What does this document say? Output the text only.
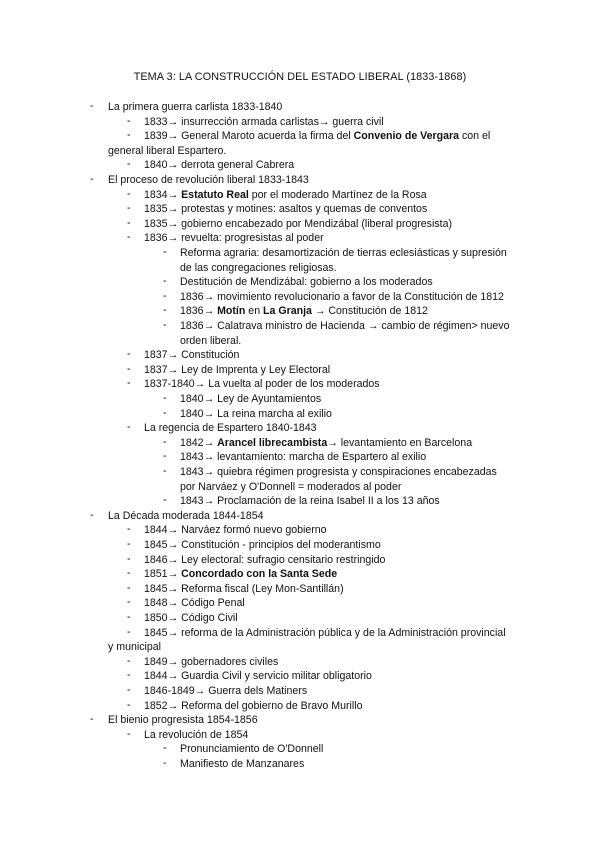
TEMA 3: LA CONSTRUCCIÓN DEL ESTADO LIBERAL (1833-1868)
-	La primera guerra carlista 1833-1840
-	1833→ insurrección armada carlistas→ guerra civil
-	1839→ General Maroto acuerda la firma del Convenio de Vergara con el general liberal Espartero.
-	1840→ derrota general Cabrera
-	El proceso de revolución liberal 1833-1843
-	1834→ Estatuto Real por el moderado Martínez de la Rosa
-	1835→ protestas y motines: asaltos y quemas de conventos
-	1835→ gobierno encabezado por Mendizábal (liberal progresista)
-	1836→ revuelta: progresistas al poder
-	Reforma agraria: desamortización de tierras eclesiásticas y supresión de las congregaciones religiosas.
-	Destitución de Mendizábal: gobierno a los moderados
-	1836→ movimiento revolucionario a favor de la Constitución de 1812
-	1836→ Motín en La Granja → Constitución de 1812
-	1836→ Calatrava ministro de Hacienda → cambio de régimen> nuevo orden liberal.
-	1837→ Constitución
-	1837→ Ley de Imprenta y Ley Electoral
-	1837-1840→ La vuelta al poder de los moderados
-	1840→ Ley de Ayuntamientos
-	1840→ La reina marcha al exilio
-	La regencia de Espartero 1840-1843
-	1842→ Arancel librecambista→ levantamiento en Barcelona
-	1843→ levantamiento: marcha de Espartero al exilio
-	1843→ quiebra régimen progresista y conspiraciones encabezadas por Narváez y O'Donnell = moderados al poder
-	1843→ Proclamación de la reina Isabel II a los 13 años
-	La Década moderada 1844-1854
-	1844→ Narváez formó nuevo gobierno
-	1845→ Constitución - principios del moderantismo
-	1846→ Ley electoral: sufragio censitario restringido
-	1851→ Concordado con la Santa Sede
-	1845→ Reforma fiscal (Ley Mon-Santillán)
-	1848→ Código Penal
-	1850→ Código Civil
-	1845→ reforma de la Administración pública y de la Administración provincial y municipal
-	1849→ gobernadores civiles
-	1844→ Guardia Civil y servicio militar obligatorio
-	1846-1849→ Guerra dels Matiners
-	1852→ Reforma del gobierno de Bravo Murillo
-	El bienio progresista 1854-1856
-	La revolución de 1854
-	Pronunciamiento de O'Donnell
-	Manifiesto de Manzanares
